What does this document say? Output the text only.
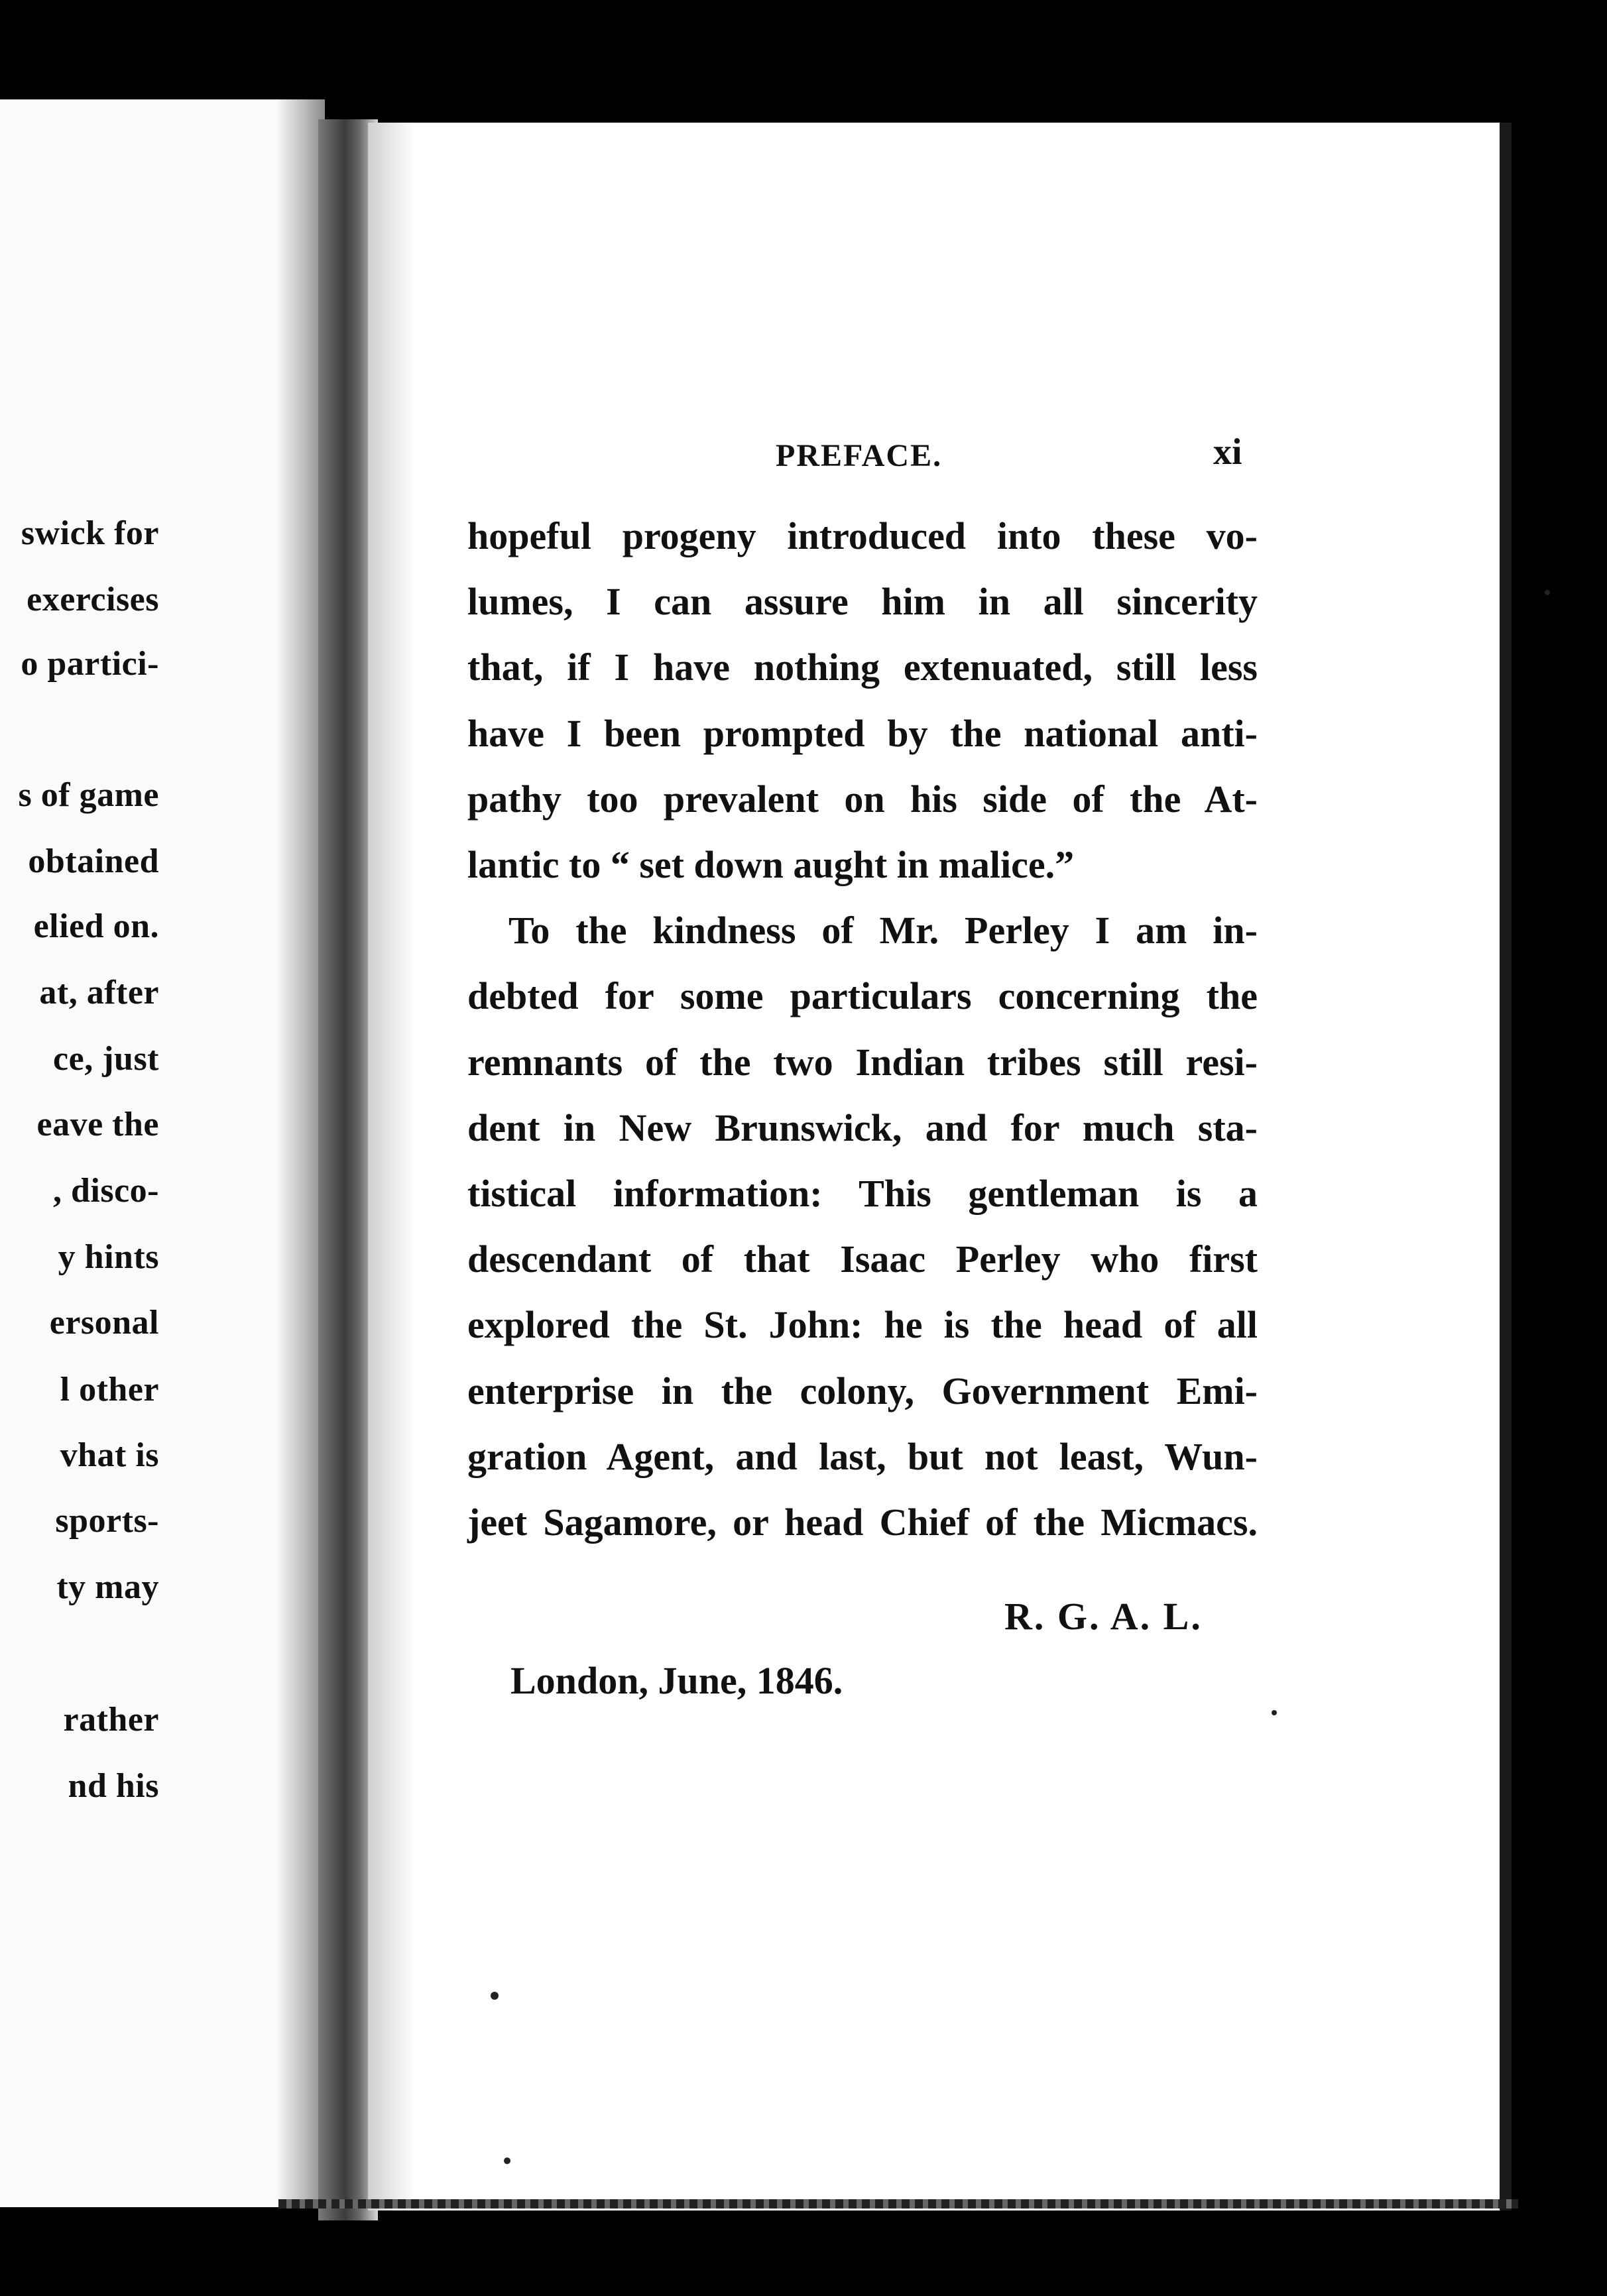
swick for
exercises
o partici-
s of game
obtained
elied on.
at, after
ce, just
eave the
, disco-
y hints
ersonal
l other
vhat is
sports-
ty may
rather
nd his
PREFACE.	xi
hopeful progeny introduced into these vo-
lumes, I can assure him in all sincerity
that, if I have nothing extenuated, still less
have I been prompted by the national anti-
pathy too prevalent on his side of the At-
lantic to “ set down aught in malice.”
To the kindness of Mr. Perley I am in-
debted for some particulars concerning the
remnants of the two Indian tribes still resi-
dent in New Brunswick, and for much sta-
tistical information: This gentleman is a
descendant of that Isaac Perley who first
explored the St. John: he is the head of all
enterprise in the colony, Government Emi-
gration Agent, and last, but not least, Wun-
jeet Sagamore, or head Chief of the Micmacs.
R. G. A. L.
London, June, 1846.
